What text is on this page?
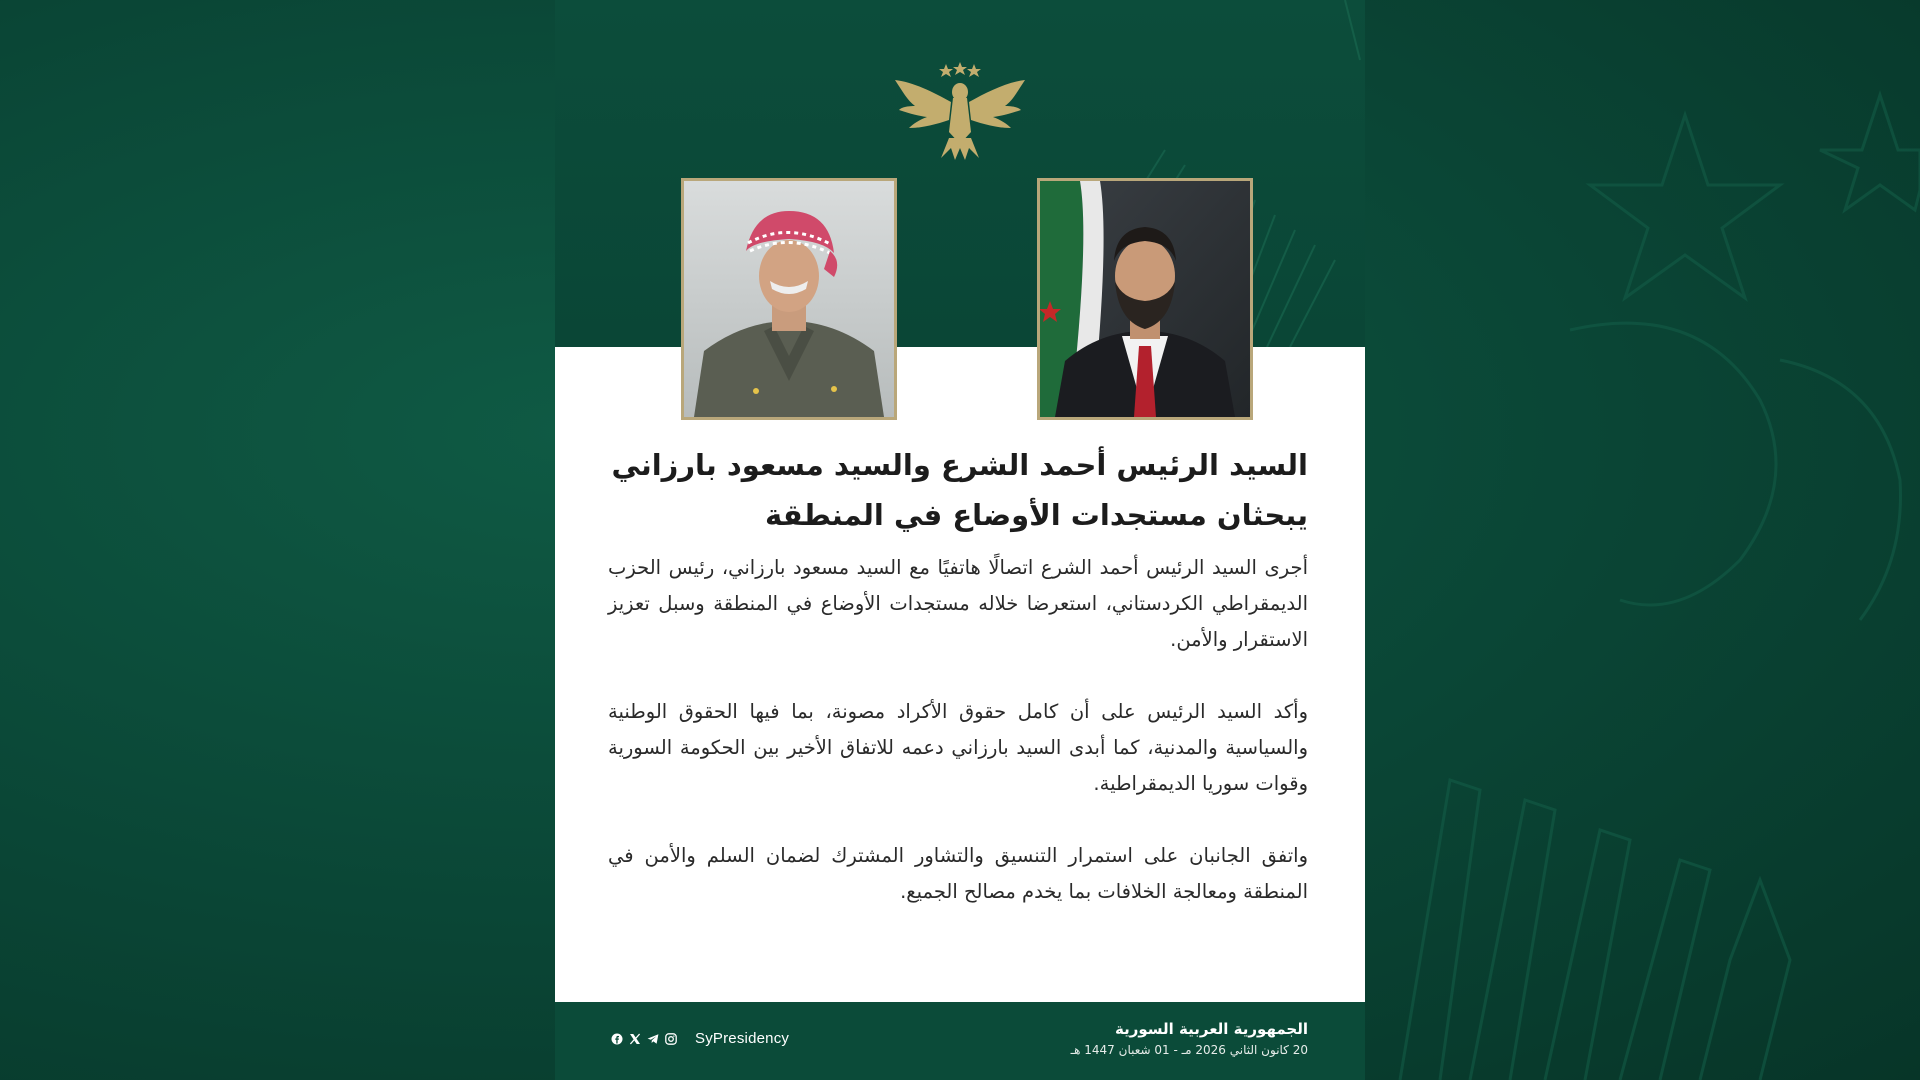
السيد الرئيس أحمد الشرع والسيد مسعود بارزاني
يبحثان مستجدات الأوضاع في المنطقة

أجرى السيد الرئيس أحمد الشرع اتصالًا هاتفيًا مع السيد مسعود بارزاني، رئيس الحزب الديمقراطي الكردستاني، استعرضا خلاله مستجدات الأوضاع في المنطقة وسبل تعزيز الاستقرار والأمن.

وأكد السيد الرئيس على أن كامل حقوق الأكراد مصونة، بما فيها الحقوق الوطنية والسياسية والمدنية، كما أبدى السيد بارزاني دعمه للاتفاق الأخير بين الحكومة السورية وقوات سوريا الديمقراطية.

واتفق الجانبان على استمرار التنسيق والتشاور المشترك لضمان السلم والأمن في المنطقة ومعالجة الخلافات بما يخدم مصالح الجميع.

الجمهورية العربية السورية
20 كانون الثاني 2026 مـ - 01 شعبان 1447 هـ
SyPresidency
